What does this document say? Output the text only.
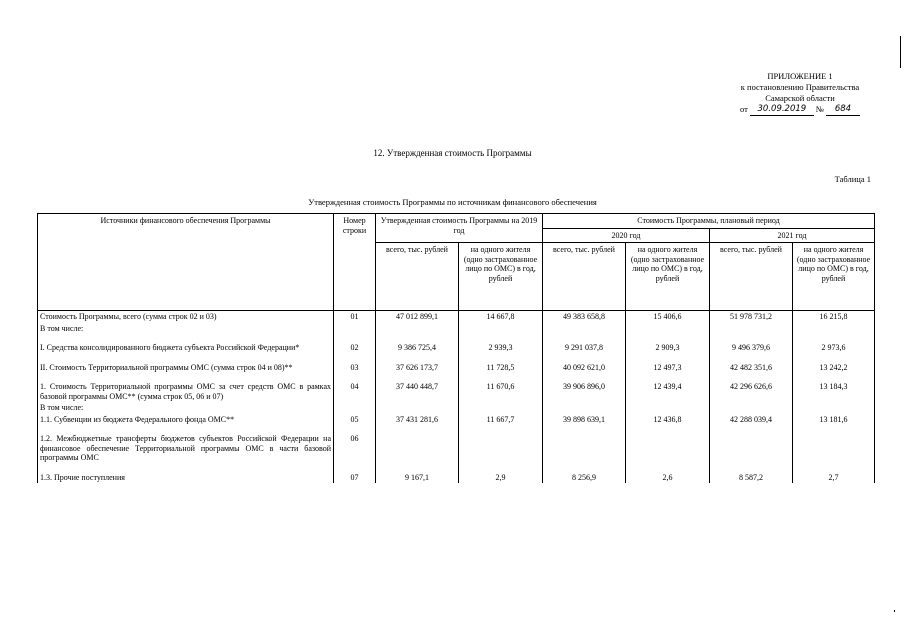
ПРИЛОЖЕНИЕ 1
к постановлению Правительства
Самарской области
от	30.09.2019	№	684
12. Утвержденная стоимость Программы
Таблица 1
Утвержденная стоимость Программы по источникам финансового обеспечения
Источники финансового обеспечения Программы	Номер строки	Утвержденная стоимость Программы на 2019 год		Стоимость Программы, плановый период			
				2020 год		2021 год	
		всего, тыс. рублей	на одного жителя (одно застрахованное лицо по ОМС) в год, рублей	всего, тыс. рублей	на одного жителя (одно застрахованное лицо по ОМС) в год, рублей	всего, тыс. рублей	на одного жителя (одно застрахованное лицо по ОМС) в год, рублей
Стоимость Программы, всего (сумма строк 02 и 03)	01	47 012 899,1	14 667,8	49 383 658,8	15 406,6	51 978 731,2	16 215,8
В том числе:							

I. Средства консолидированного бюджета субъекта Российской Федерации*	02	9 386 725,4	2 939,3	9 291 037,8	2 909,3	9 496 379,6	2 973,6

II. Стоимость Территориальной программы ОМС (сумма строк 04 и 08)**	03	37 626 173,7	11 728,5	40 092 621,0	12 497,3	42 482 351,6	13 242,2

1. Стоимость Территориальной программы ОМС за счет средств ОМС в рамках базовой программы ОМС** (сумма строк 05, 06 и 07)	04	37 440 448,7	11 670,6	39 906 896,0	12 439,4	42 296 626,6	13 184,3
В том числе:							
1.1. Субвенции из бюджета Федерального фонда ОМС**	05	37 431 281,6	11 667,7	39 898 639,1	12 436,8	42 288 039,4	13 181,6

1.2. Межбюджетные трансферты бюджетов субъектов Российской Федерации на финансовое обеспечение Территориальной программы ОМС в части базовой программы ОМС	06						

1.3. Прочие поступления	07	9 167,1	2,9	8 256,9	2,6	8 587,2	2,7
